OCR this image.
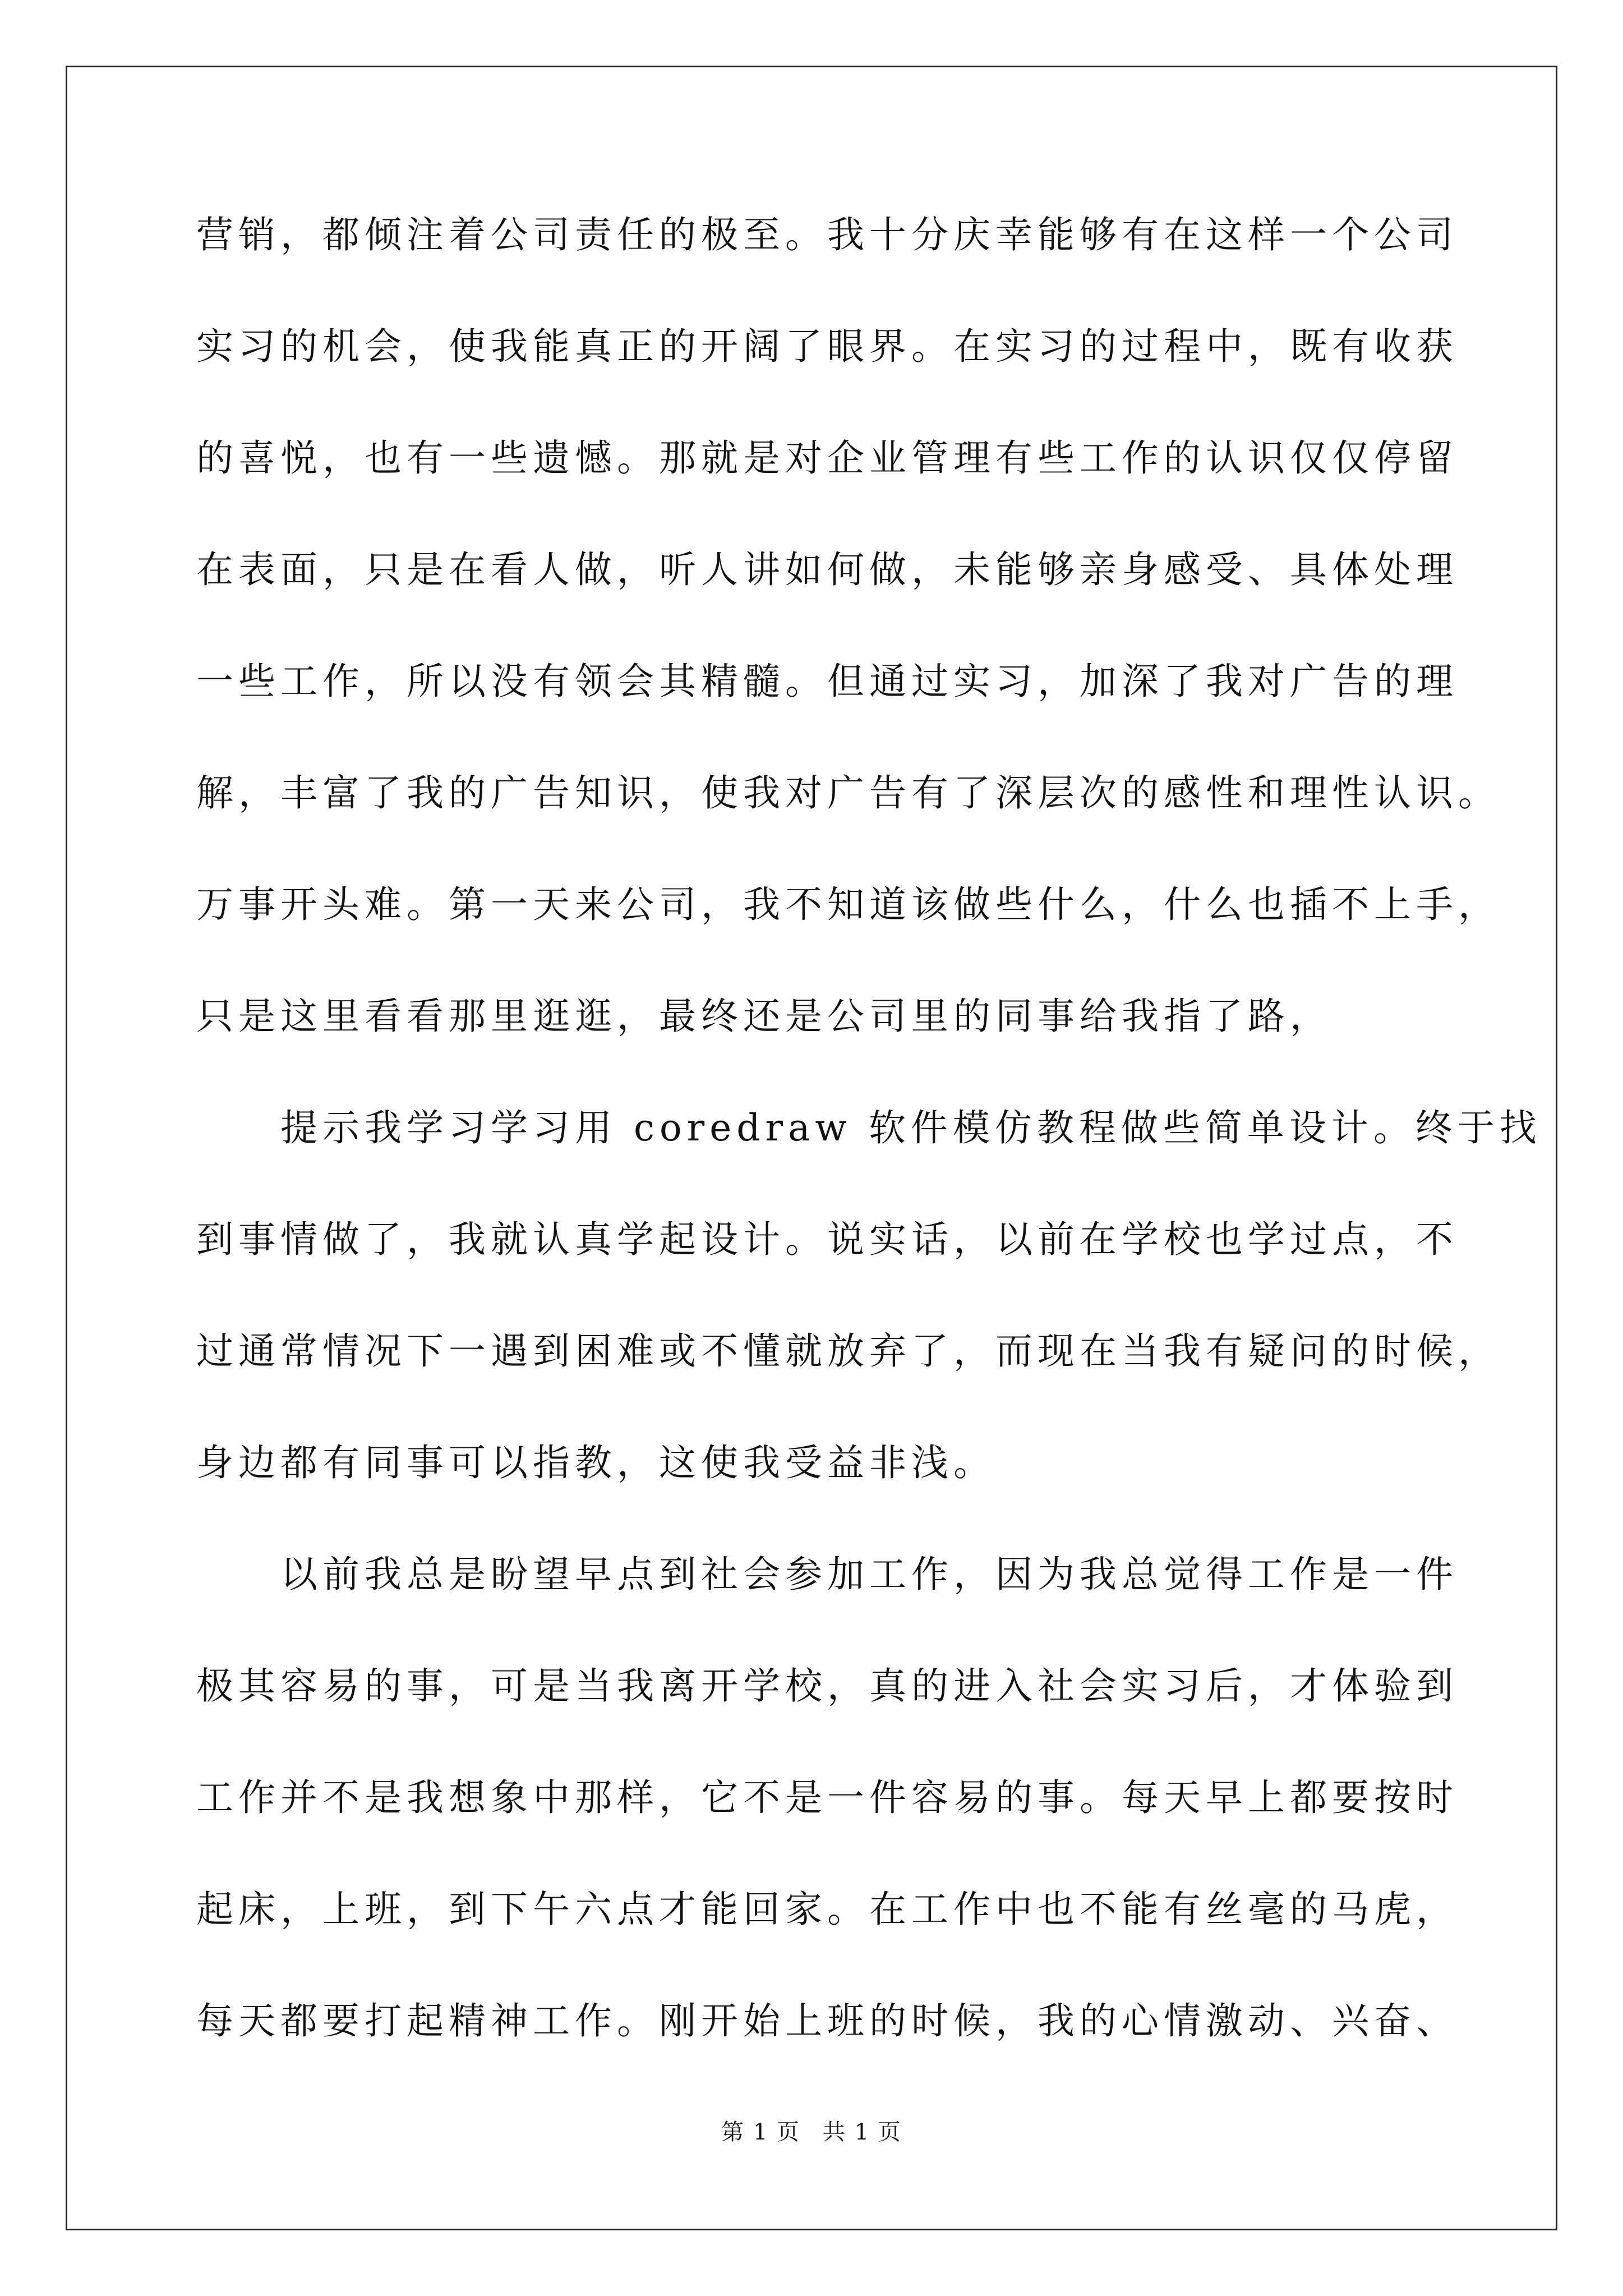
营销，都倾注着公司责任的极至。我十分庆幸能够有在这样一个公司
实习的机会，使我能真正的开阔了眼界。在实习的过程中，既有收获
的喜悦，也有一些遗憾。那就是对企业管理有些工作的认识仅仅停留
在表面，只是在看人做，听人讲如何做，未能够亲身感受、具体处理
一些工作，所以没有领会其精髓。但通过实习，加深了我对广告的理
解，丰富了我的广告知识，使我对广告有了深层次的感性和理性认识。
万事开头难。第一天来公司，我不知道该做些什么，什么也插不上手，
只是这里看看那里逛逛，最终还是公司里的同事给我指了路，
提示我学习学习用 coredraw 软件模仿教程做些简单设计。终于找
到事情做了，我就认真学起设计。说实话，以前在学校也学过点，不
过通常情况下一遇到困难或不懂就放弃了，而现在当我有疑问的时候，
身边都有同事可以指教，这使我受益非浅。
以前我总是盼望早点到社会参加工作，因为我总觉得工作是一件
极其容易的事，可是当我离开学校，真的进入社会实习后，才体验到
工作并不是我想象中那样，它不是一件容易的事。每天早上都要按时
起床，上班，到下午六点才能回家。在工作中也不能有丝毫的马虎，
每天都要打起精神工作。刚开始上班的时候，我的心情激动、兴奋、
第 1 页 共 1 页
